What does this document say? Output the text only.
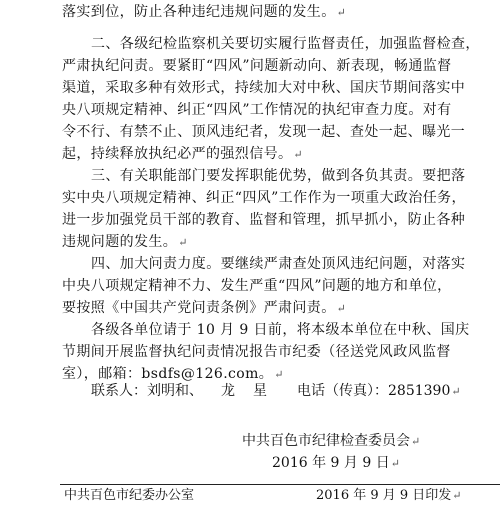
落实到位，防止各种违纪违规问题的发生。↵
二、各级纪检监察机关要切实履行监督责任，加强监督检查，
严肃执纪问责。要紧盯“四风”问题新动向、新表现，畅通监督
渠道，采取多种有效形式，持续加大对中秋、国庆节期间落实中
央八项规定精神、纠正“四风”工作情况的执纪审查力度。对有
令不行、有禁不止、顶风违纪者，发现一起、查处一起、曝光一
起，持续释放执纪必严的强烈信号。↵
三、有关职能部门要发挥职能优势，做到各负其责。要把落
实中央八项规定精神、纠正“四风”工作作为一项重大政治任务，
进一步加强党员干部的教育、监督和管理，抓早抓小，防止各种
违规问题的发生。↵
四、加大问责力度。要继续严肃查处顶风违纪问题，对落实
中央八项规定精神不力、发生严重“四风”问题的地方和单位，
要按照《中国共产党问责条例》严肃问责。↵
各级各单位请于 10 月 9 日前，将本级本单位在中秋、国庆
节期间开展监督执纪问责情况报告市纪委（径送党风政风监督
室），邮箱：bsdfs@126.com。↵
联系人：刘明和、 龙 星 电话（传真）：2851390↵
中共百色市纪律检查委员会↵
2016 年 9 月 9 日↵
中共百色市纪委办公室	2016 年 9 月 9 日印发↵
